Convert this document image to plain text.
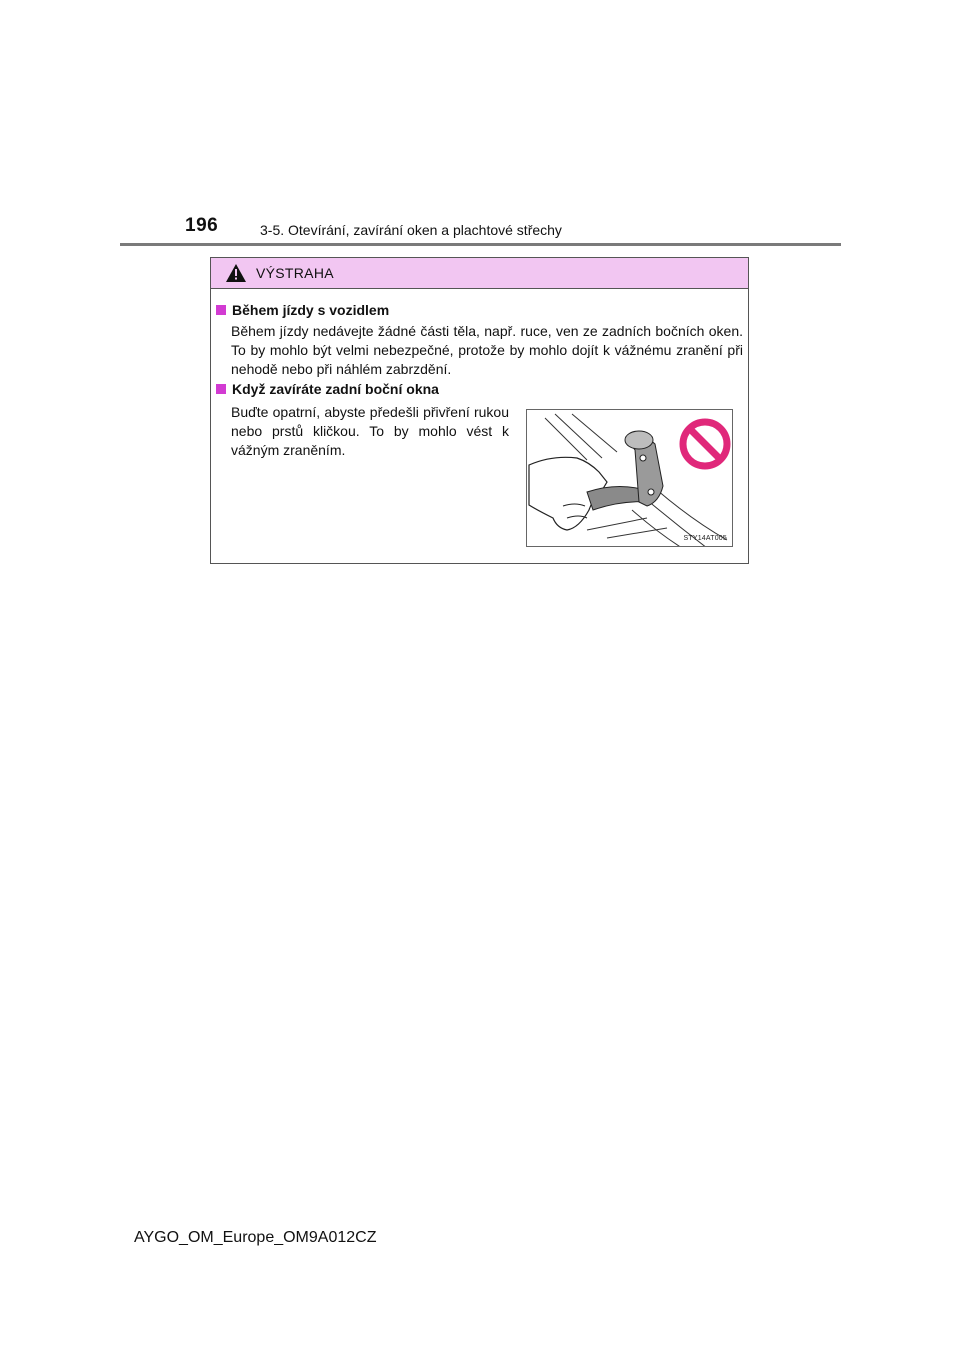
196	3-5. Otevírání, zavírání oken a plachtové střechy
VÝSTRAHA
Během jízdy s vozidlem
Během jízdy nedávejte žádné části těla, např. ruce, ven ze zadních bočních oken. To by mohlo být velmi nebezpečné, protože by mohlo dojít k vážnému zranění při nehodě nebo při náhlém zabrzdění.
Když zavíráte zadní boční okna
Buďte opatrní, abyste předešli přivření rukou nebo prstů kličkou. To by mohlo vést k vážným zraněním.
STY14AT005
AYGO_OM_Europe_OM9A012CZ
